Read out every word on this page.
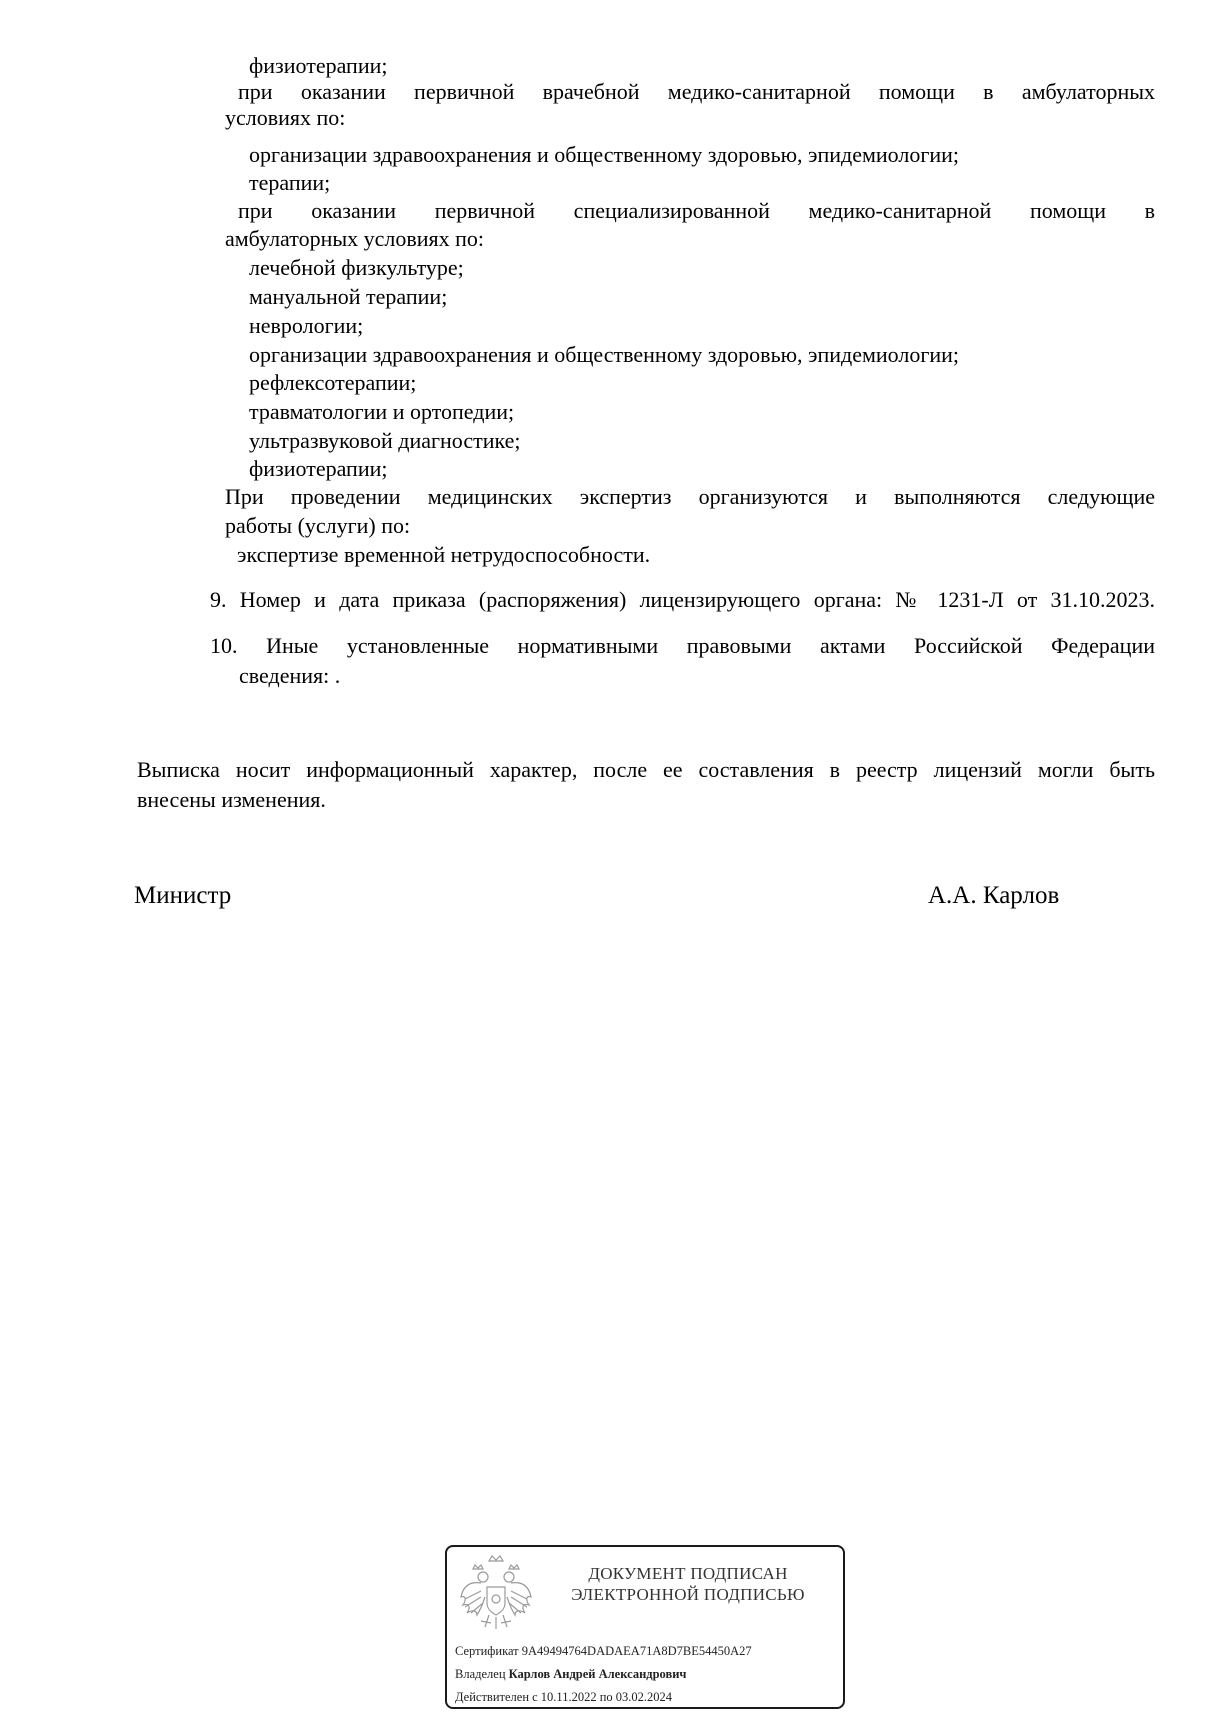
физиотерапии;

при оказании первичной врачебной медико-санитарной помощи в амбулаторных

условиях по:

организации здравоохранения и общественному здоровью, эпидемиологии;

терапии;

при оказании первичной специализированной медико-санитарной помощи в

амбулаторных условиях по:

лечебной физкультуре;

мануальной терапии;

неврологии;

организации здравоохранения и общественному здоровью, эпидемиологии;

рефлексотерапии;

травматологии и ортопедии;

ультразвуковой диагностике;

физиотерапии;

При проведении медицинских экспертиз организуются и выполняются следующие

работы (услуги) по:

экспертизе временной нетрудоспособности.

9. Номер и дата приказа (распоряжения) лицензирующего органа: № 1231-Л от 31.10.2023.

10. Иные установленные нормативными правовыми актами Российской Федерации

сведения: .

Выписка носит информационный характер, после ее составления в реестр лицензий могли быть

внесены изменения.

Министр	А.А. Карлов

ДОКУМЕНТ ПОДПИСАН
ЭЛЕКТРОННОЙ ПОДПИСЬЮ
Сертификат 9A49494764DADAEA71A8D7BE54450A27
Владелец Карлов Андрей Александрович
Действителен с 10.11.2022 по 03.02.2024
